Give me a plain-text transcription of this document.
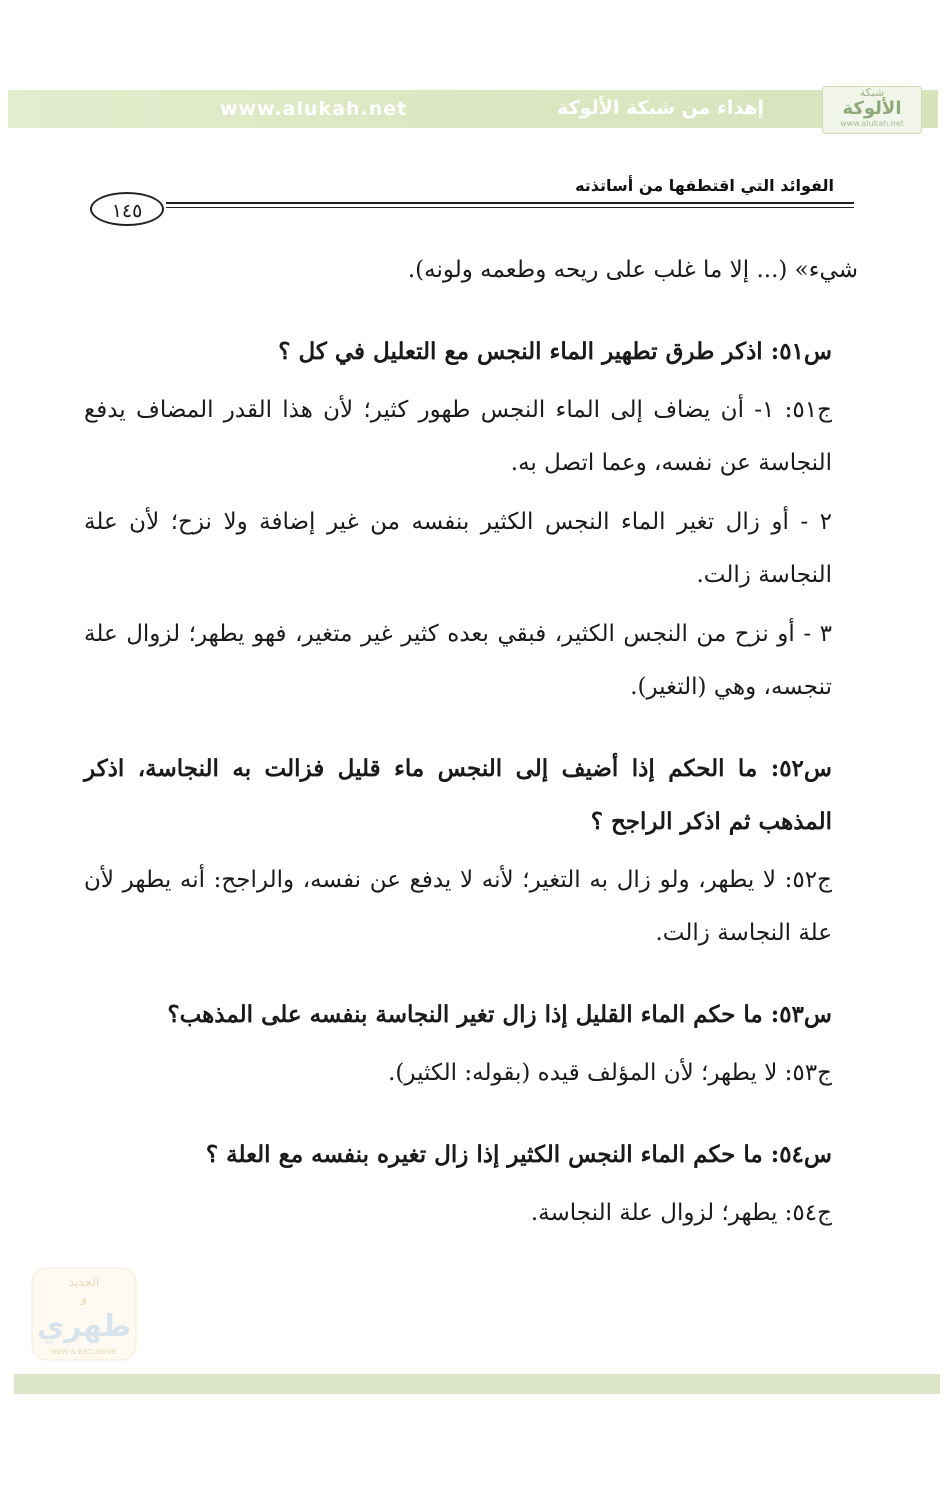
www.alukah.net	إهداء من شبكة الألوكة
شبكة
الألوكة
www.alukah.net
الفوائد التي اقتطفها من أساتذته
١٤٥

شيء» (... إلا ما غلب على ريحه وطعمه ولونه).

س٥١: اذكر طرق تطهير الماء النجس مع التعليل في كل ؟

ج٥١: ١- أن يضاف إلى الماء النجس طهور كثير؛ لأن هذا القدر المضاف يدفع النجاسة عن نفسه، وعما اتصل به.

٢ - أو زال تغير الماء النجس الكثير بنفسه من غير إضافة ولا نزح؛ لأن علة النجاسة زالت.

٣ - أو نزح من النجس الكثير، فبقي بعده كثير غير متغير، فهو يطهر؛ لزوال علة تنجسه، وهي (التغير).

س٥٢: ما الحكم إذا أضيف إلى النجس ماء قليل فزالت به النجاسة، اذكر المذهب ثم اذكر الراجح ؟

ج٥٢: لا يطهر، ولو زال به التغير؛ لأنه لا يدفع عن نفسه، والراجح: أنه يطهر لأن علة النجاسة زالت.

س٥٣: ما حكم الماء القليل إذا زال تغير النجاسة بنفسه على المذهب؟

ج٥٣: لا يطهر؛ لأن المؤلف قيده (بقوله: الكثير).

س٥٤: ما حكم الماء النجس الكثير إذا زال تغيره بنفسه مع العلة ؟

ج٥٤: يطهر؛ لزوال علة النجاسة.

الجديد
و
طهري
NEW & EXCLUSIVE
